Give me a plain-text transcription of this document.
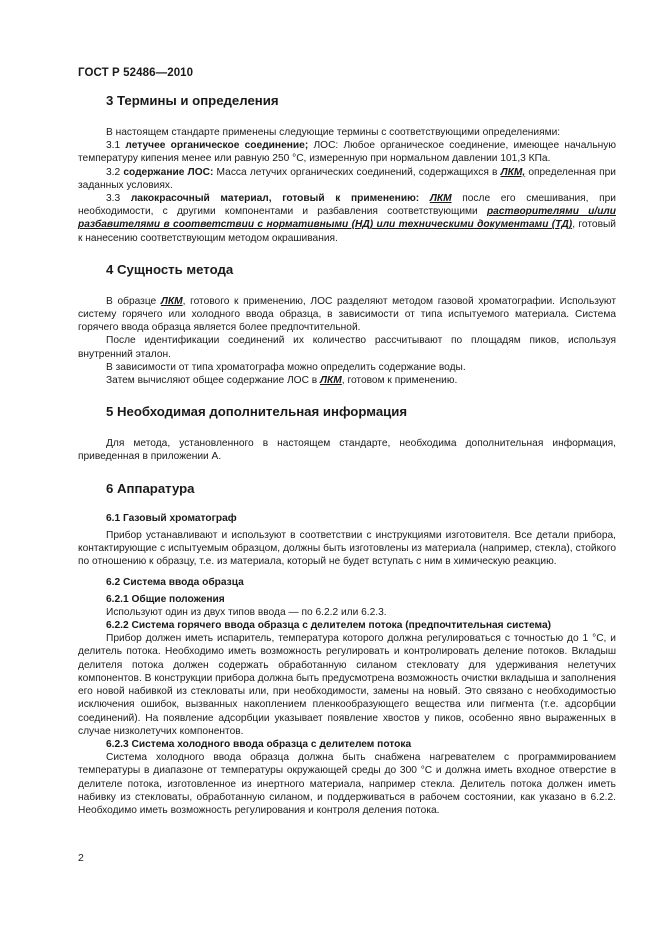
ГОСТ Р 52486—2010
3 Термины и определения

В настоящем стандарте применены следующие термины с соответствующими определениями:

3.1 летучее органическое соединение; ЛОС: Любое органическое соединение, имеющее начальную температуру кипения менее или равную 250 °С, измеренную при нормальном давлении 101,3 КПа.

3.2 содержание ЛОС: Масса летучих органических соединений, содержащихся в ЛКМ, определенная при заданных условиях.

3.3 лакокрасочный материал, готовый к применению: ЛКМ после его смешивания, при необходимости, с другими компонентами и разбавления соответствующими растворителями и/или разбавителями в соответствии с нормативными (НД) или техническими документами (ТД), готовый к нанесению соответствующим методом окрашивания.

4 Сущность метода

В образце ЛКМ, готового к применению, ЛОС разделяют методом газовой хроматографии. Используют систему горячего или холодного ввода образца, в зависимости от типа испытуемого материала. Система горячего ввода образца является более предпочтительной.

После идентификации соединений их количество рассчитывают по площадям пиков, используя внутренний эталон.

В зависимости от типа хроматографа можно определить содержание воды.

Затем вычисляют общее содержание ЛОС в ЛКМ, готовом к применению.

5 Необходимая дополнительная информация

Для метода, установленного в настоящем стандарте, необходима дополнительная информация, приведенная в приложении А.

6 Аппаратура

6.1 Газовый хроматограф

Прибор устанавливают и используют в соответствии с инструкциями изготовителя. Все детали прибора, контактирующие с испытуемым образцом, должны быть изготовлены из материала (например, стекла), стойкого по отношению к образцу, т.е. из материала, который не будет вступать с ним в химическую реакцию.

6.2 Система ввода образца

6.2.1 Общие положения

Используют один из двух типов ввода — по 6.2.2 или 6.2.3.

6.2.2 Система горячего ввода образца с делителем потока (предпочтительная система)

Прибор должен иметь испаритель, температура которого должна регулироваться с точностью до 1 °С, и делитель потока. Необходимо иметь возможность регулировать и контролировать деление потоков. Вкладыш делителя потока должен содержать обработанную силаном стекловату для удерживания нелетучих компонентов. В конструкции прибора должна быть предусмотрена возможность очистки вкладыша и заполнения его новой набивкой из стекловаты или, при необходимости, замены на новый. Это связано с необходимостью исключения ошибок, вызванных накоплением пленкообразующего вещества или пигмента (т.е. адсорбции соединений). На появление адсорбции указывает появление хвостов у пиков, особенно явно выраженных в случае низколетучих компонентов.

6.2.3 Система холодного ввода образца с делителем потока

Система холодного ввода образца должна быть снабжена нагревателем с программированием температуры в диапазоне от температуры окружающей среды до 300 °С и должна иметь входное отверстие в делителе потока, изготовленное из инертного материала, например стекла. Делитель потока должен иметь набивку из стекловаты, обработанную силаном, и поддерживаться в рабочем состоянии, как указано в 6.2.2. Необходимо иметь возможность регулирования и контроля деления потока.

2
